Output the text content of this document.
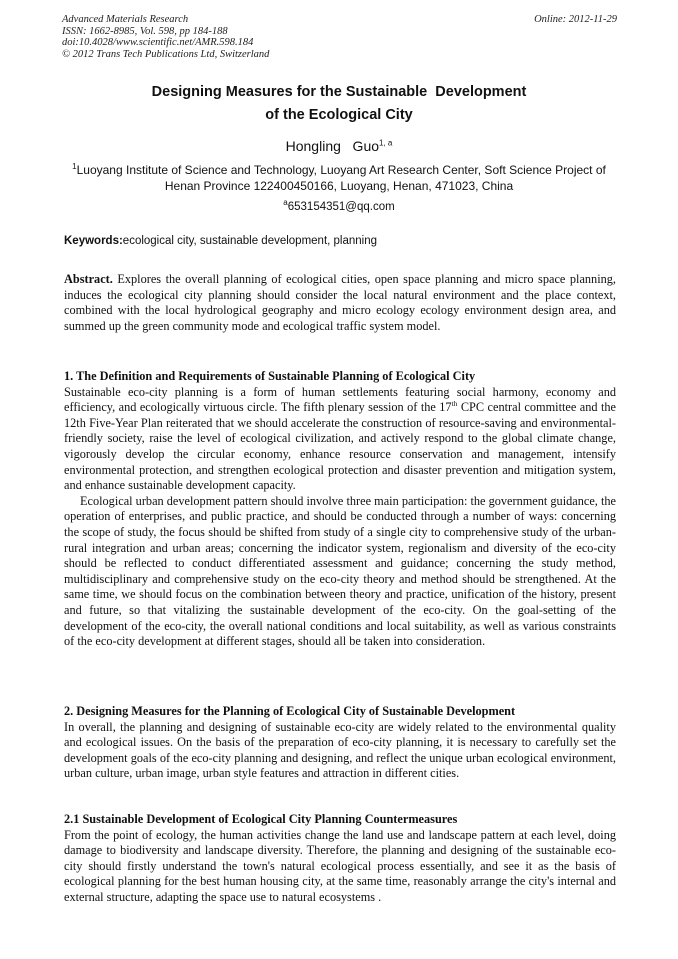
Advanced Materials Research
ISSN: 1662-8985, Vol. 598, pp 184-188
doi:10.4028/www.scientific.net/AMR.598.184
© 2012 Trans Tech Publications Ltd, Switzerland
Online: 2012-11-29
Designing Measures for the Sustainable  Development
of the Ecological City
Hongling   Guo$^{1, a}$
$^1$Luoyang Institute of Science and Technology, Luoyang Art Research Center, Soft Science Project of Henan Province 122400450166, Luoyang, Henan, 471023, China
$^a$653154351@qq.com
Keywords:ecological city, sustainable development, planning

Abstract. Explores the overall planning of ecological cities, open space planning and micro space planning, induces the ecological city planning should consider the local natural environment and the place context, combined with the local hydrological geography and micro ecology ecology environment design area, and summed up the green community mode and ecological traffic system model.

1. The Definition and Requirements of Sustainable Planning of Ecological City

Sustainable eco-city planning is a form of human settlements featuring social harmony, economy and efficiency, and ecologically virtuous circle. The fifth plenary session of the 17th CPC central committee and the 12th Five-Year Plan reiterated that we should accelerate the construction of resource-saving and environmental-friendly society, raise the level of ecological civilization, and actively respond to the global climate change, vigorously develop the circular economy, enhance resource conservation and management, intensify environmental protection, and strengthen ecological protection and disaster prevention and mitigation system, and enhance sustainable development capacity.

Ecological urban development pattern should involve three main participation: the government guidance, the operation of enterprises, and public practice, and should be conducted through a number of ways: concerning the scope of study, the focus should be shifted from study of a single city to comprehensive study of the urban-rural integration and urban areas; concerning the indicator system, regionalism and diversity of the eco-city should be reflected to conduct differentiated assessment and guidance; concerning the study method, multidisciplinary and comprehensive study on the eco-city theory and method should be strengthened. At the same time, we should focus on the combination between theory and practice, unification of the history, present and future, so that vitalizing the sustainable development of the eco-city. On the goal-setting of the development of the eco-city, the overall national conditions and local suitability, as well as various constraints of the eco-city development at different stages, should all be taken into consideration.

2. Designing Measures for the Planning of Ecological City of Sustainable Development

In overall, the planning and designing of sustainable eco-city are widely related to the environmental quality and ecological issues. On the basis of the preparation of eco-city planning, it is necessary to carefully set the development goals of the eco-city planning and designing, and reflect the unique urban ecological environment, urban culture, urban image, urban style features and attraction in different cities.

2.1 Sustainable Development of Ecological City Planning Countermeasures

From the point of ecology, the human activities change the land use and landscape pattern at each level, doing damage to biodiversity and landscape diversity. Therefore, the planning and designing of the sustainable eco-city should firstly understand the town's natural ecological process essentially, and see it as the basis of ecological planning for the best human housing city, at the same time, reasonably arrange the city's internal and external structure, adapting the space use to natural ecosystems .
